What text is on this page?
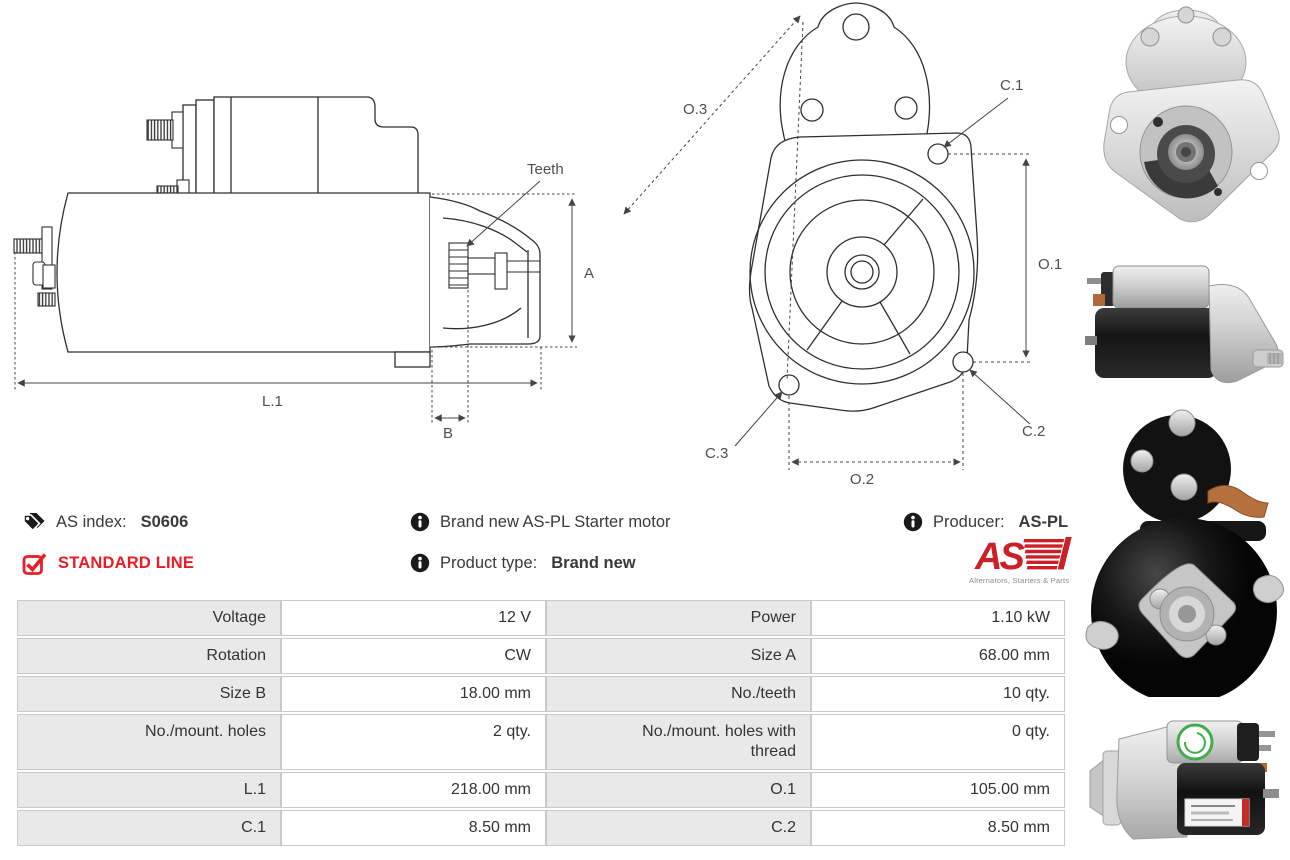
Teeth
A
L.1
B
O.3
C.1
O.1
C.2
C.3
O.2
AS index: S0606	Brand new AS-PL Starter motor	Producer: AS-PL
STANDARD LINE	Product type: Brand new	AS
Alternators, Starters & Parts
Voltage	12 V	Power	1.10 kW
Rotation	CW	Size A	68.00 mm
Size B	18.00 mm	No./teeth	10 qty.
No./mount. holes	2 qty.	No./mount. holes with thread	0 qty.
L.1	218.00 mm	O.1	105.00 mm
C.1	8.50 mm	C.2	8.50 mm
